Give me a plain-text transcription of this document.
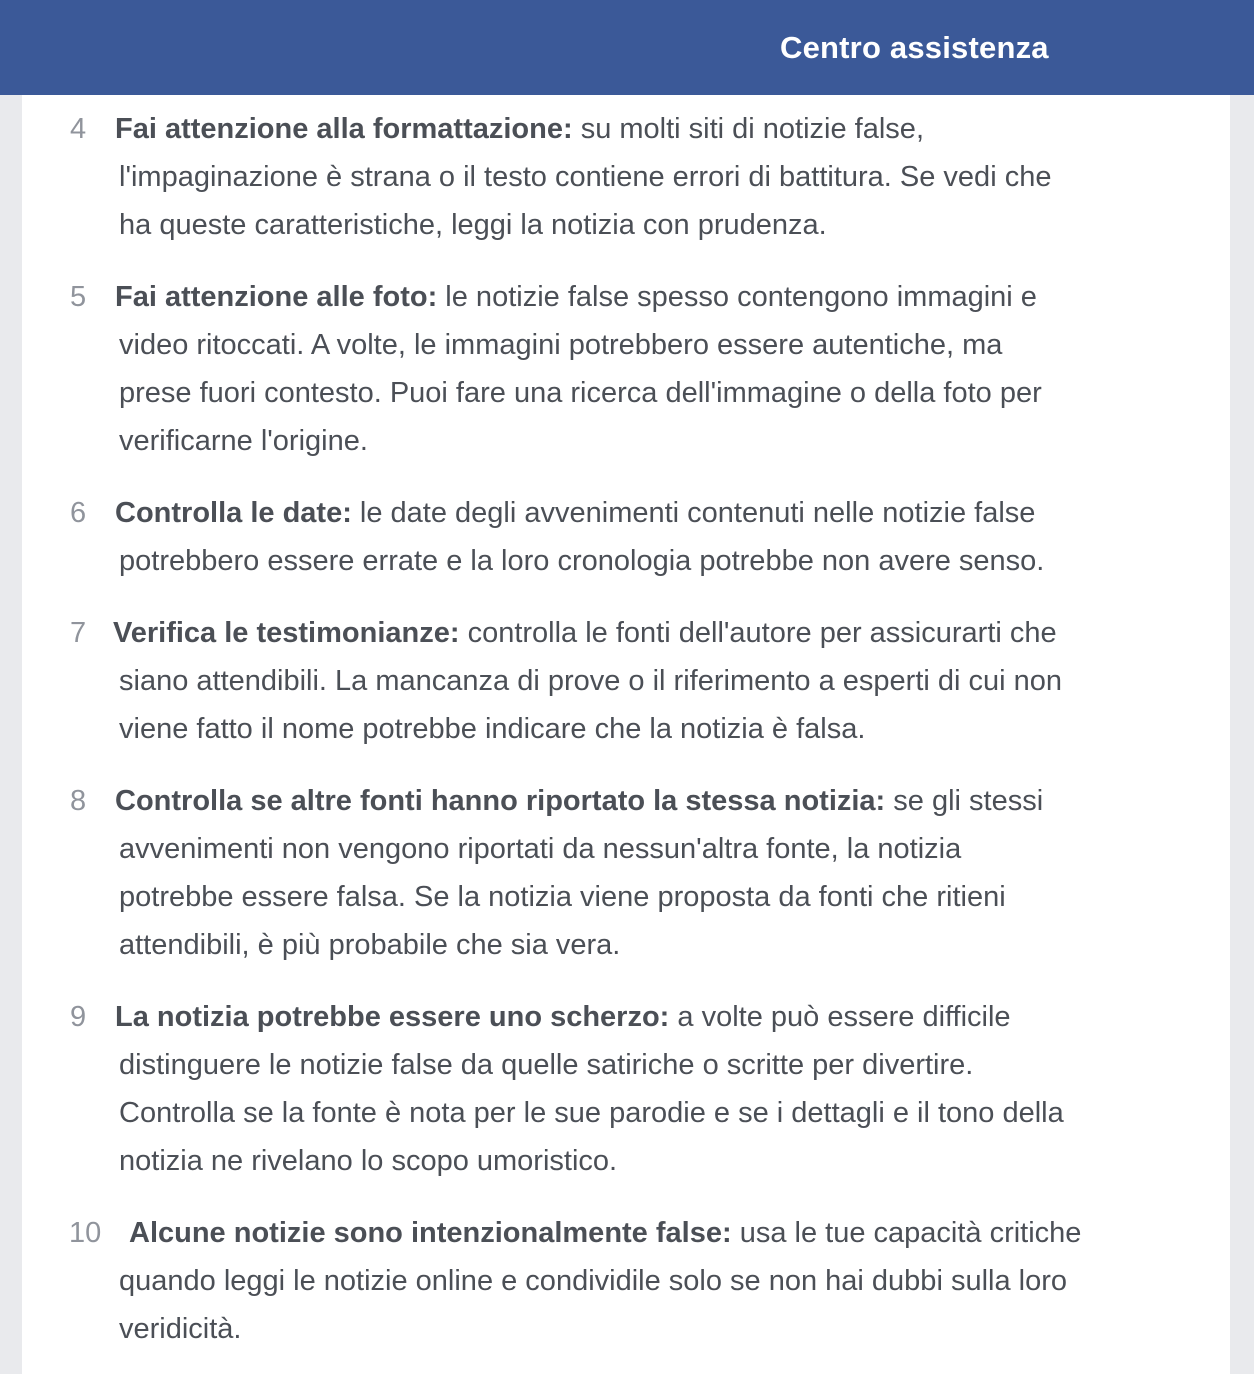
Centro assistenza
4 Fai attenzione alla formattazione: su molti siti di notizie false,
l'impaginazione è strana o il testo contiene errori di battitura. Se vedi che
ha queste caratteristiche, leggi la notizia con prudenza.
5 Fai attenzione alle foto: le notizie false spesso contengono immagini e
video ritoccati. A volte, le immagini potrebbero essere autentiche, ma
prese fuori contesto. Puoi fare una ricerca dell'immagine o della foto per
verificarne l'origine.
6 Controlla le date: le date degli avvenimenti contenuti nelle notizie false
potrebbero essere errate e la loro cronologia potrebbe non avere senso.
7 Verifica le testimonianze: controlla le fonti dell'autore per assicurarti che
siano attendibili. La mancanza di prove o il riferimento a esperti di cui non
viene fatto il nome potrebbe indicare che la notizia è falsa.
8 Controlla se altre fonti hanno riportato la stessa notizia: se gli stessi
avvenimenti non vengono riportati da nessun'altra fonte, la notizia
potrebbe essere falsa. Se la notizia viene proposta da fonti che ritieni
attendibili, è più probabile che sia vera.
9 La notizia potrebbe essere uno scherzo: a volte può essere difficile
distinguere le notizie false da quelle satiriche o scritte per divertire.
Controlla se la fonte è nota per le sue parodie e se i dettagli e il tono della
notizia ne rivelano lo scopo umoristico.
10 Alcune notizie sono intenzionalmente false: usa le tue capacità critiche
quando leggi le notizie online e condividile solo se non hai dubbi sulla loro
veridicità.
